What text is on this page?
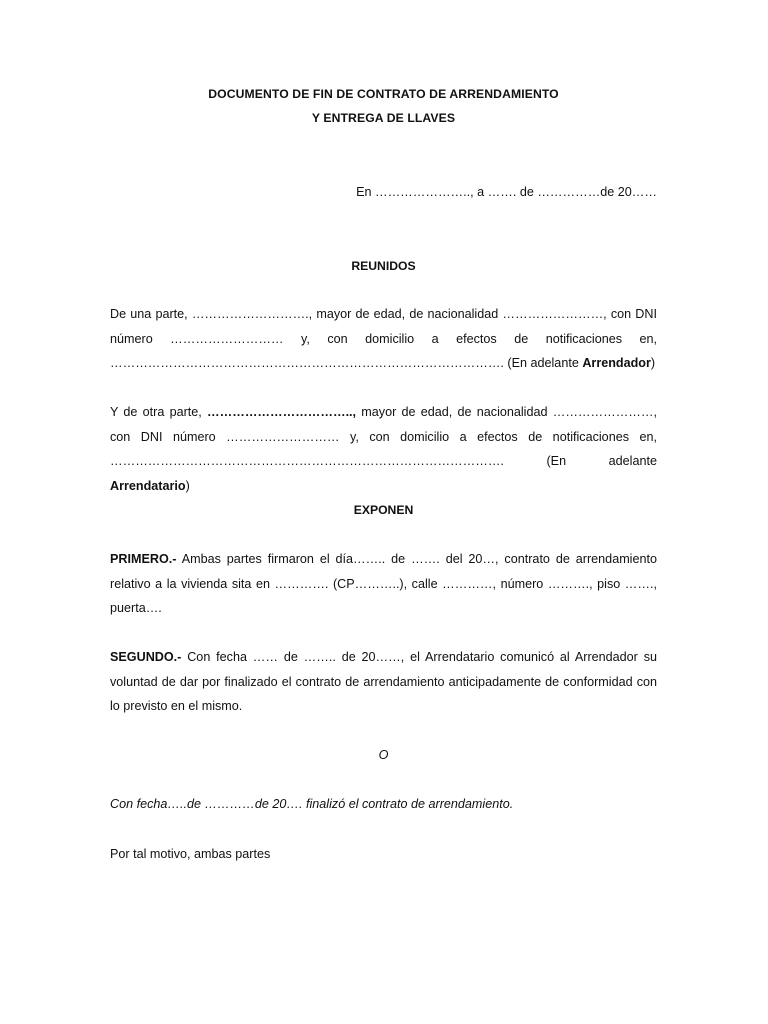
DOCUMENTO DE FIN DE CONTRATO DE ARRENDAMIENTO
Y ENTREGA DE LLAVES
En ………………….., a ……. de ……………de 20……
REUNIDOS
De una parte, ………………………., mayor de edad, de nacionalidad ……………………, con DNI número ……………………… y, con domicilio a efectos de notificaciones en, …………………………………………………………………………………. (En adelante Arrendador)
Y de otra parte, …………………………….., mayor de edad, de nacionalidad ……………………, con DNI número ……………………… y, con domicilio a efectos de notificaciones en, …………………………………………………………………………………. (En adelante Arrendatario)
EXPONEN
PRIMERO.- Ambas partes firmaron el día…….. de ……. del 20…, contrato de arrendamiento relativo a la vivienda sita en …………. (CP………..), calle …………, número ………., piso ……., puerta….
SEGUNDO.- Con fecha …… de …….. de 20……, el Arrendatario comunicó al Arrendador su voluntad de dar por finalizado el contrato de arrendamiento anticipadamente de conformidad con lo previsto en el mismo.
O
Con fecha…..de …………de 20…. finalizó el contrato de arrendamiento.
Por tal motivo, ambas partes
